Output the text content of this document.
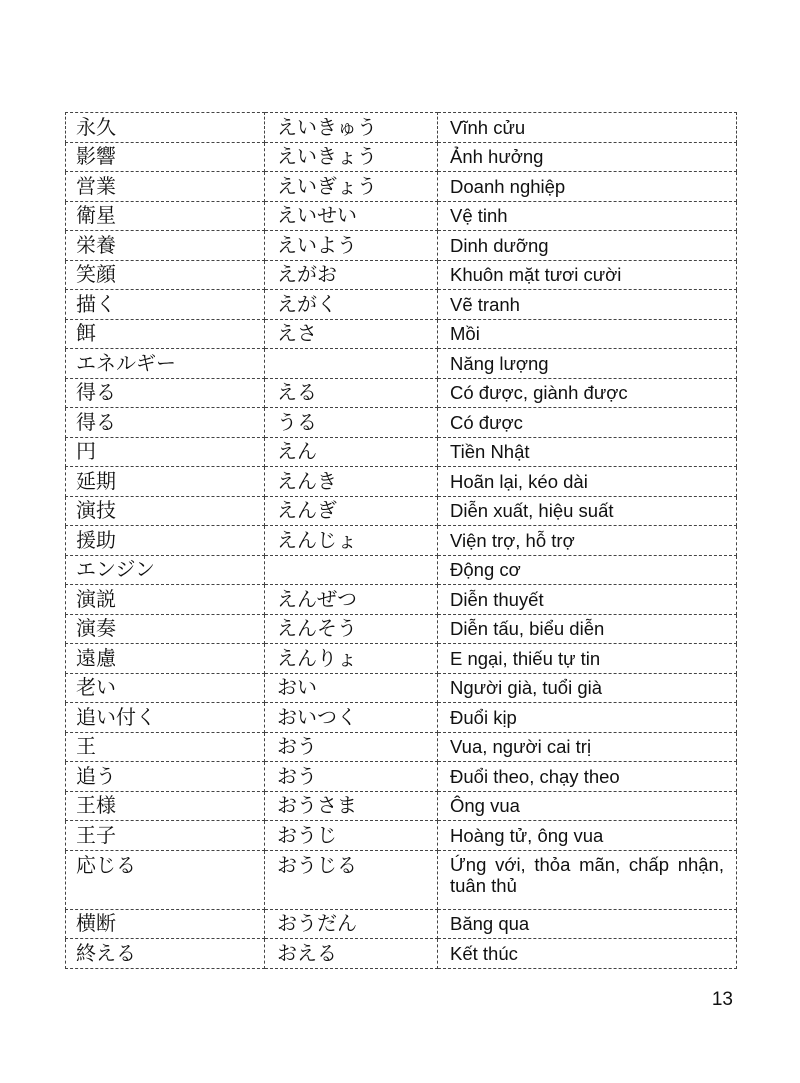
永久	えいきゅう	Vĩnh cửu
影響	えいきょう	Ảnh hưởng
営業	えいぎょう	Doanh nghiệp
衛星	えいせい	Vệ tinh
栄養	えいよう	Dinh dưỡng
笑顔	えがお	Khuôn mặt tươi cười
描く	えがく	Vẽ tranh
餌	えさ	Mồi
エネルギー		Năng lượng
得る	える	Có được, giành được
得る	うる	Có được
円	えん	Tiền Nhật
延期	えんき	Hoãn lại, kéo dài
演技	えんぎ	Diễn xuất, hiệu suất
援助	えんじょ	Viện trợ, hỗ trợ
エンジン		Động cơ
演説	えんぜつ	Diễn thuyết
演奏	えんそう	Diễn tấu, biểu diễn
遠慮	えんりょ	E ngại, thiếu tự tin
老い	おい	Người già, tuổi già
追い付く	おいつく	Đuổi kịp
王	おう	Vua, người cai trị
追う	おう	Đuổi theo, chạy theo
王様	おうさま	Ông vua
王子	おうじ	Hoàng tử, ông vua
応じる	おうじる	Ứng với, thỏa mãn, chấp nhận, tuân thủ
横断	おうだん	Băng qua
終える	おえる	Kết thúc
13
